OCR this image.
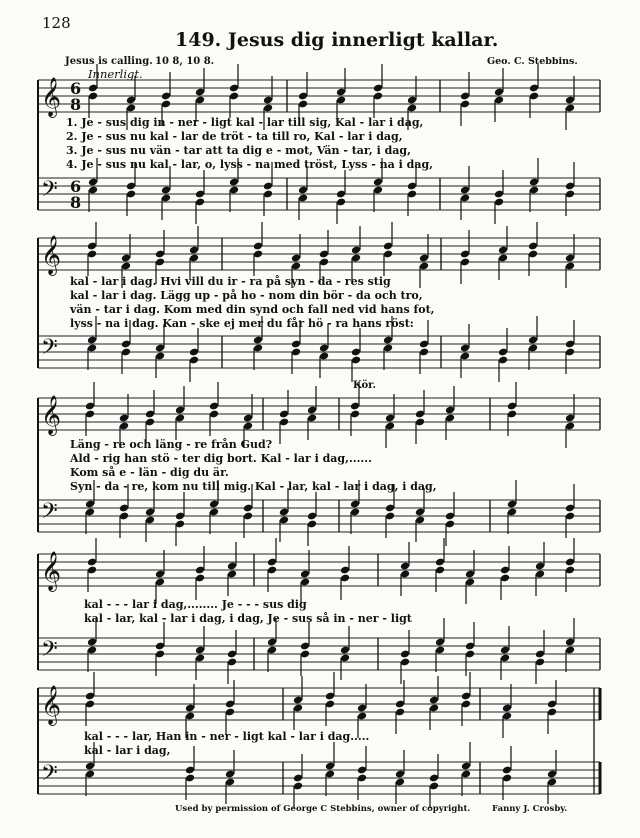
𝄞 6
8
𝄢 6
8
𝄞
𝄢
𝄞
𝄢
𝄞
𝄢
𝄞
𝄢
128
149. Jesus dig innerligt kallar.
Jesus is calling. 10 8, 10 8.	Geo. C. Stebbins.
Innerligt.
1. Je - sus dig in - ner - ligt kal - lar till sig, Kal - lar i dag,
2. Je - sus nu kal - lar de tröt - ta till ro, Kal - lar i dag,
3. Je - sus nu vän - tar att ta dig e - mot, Vän - tar, i dag,
4. Je - sus nu kal - lar, o, lyss - na med tröst, Lyss - na i dag,
kal - lar i dag. Hvi vill du ir - ra på syn - da - res stig
kal - lar i dag. Lägg up - på ho - nom din bör - da och tro,
vän - tar i dag. Kom med din synd och fall ned vid hans fot,
lyss - na i dag. Kan - ske ej mer du får hö - ra hans röst:
Kör.
Läng - re och läng - re från Gud?
Ald - rig han stö - ter dig bort. Kal - lar i dag,......
Kom så e - län - dig du är.
Syn - da - re, kom nu till mig. Kal - lar, kal - lar i dag, i dag,
kal - - - lar i dag,........ Je - - - sus dig
kal - lar, kal - lar i dag, i dag, Je - sus så in - ner - ligt
kal - - - lar, Han in - ner - ligt kal - lar i dag.....
kal - lar i dag,
Used by permission of George C Stebbins, owner of copyright.	Fanny J. Crosby.
